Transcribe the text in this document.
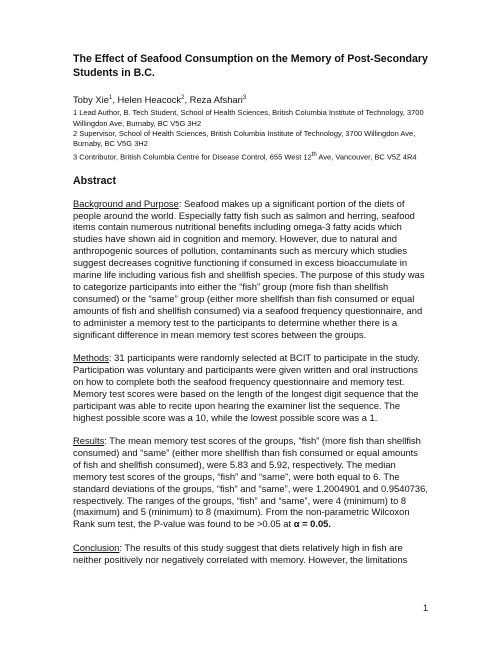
The Effect of Seafood Consumption on the Memory of Post-Secondary Students in B.C.
Toby Xie$^1$, Helen Heacock$^2$, Reza Afshari$^3$
1 Lead Author, B. Tech Student, School of Health Sciences, British Columbia Institute of Technology, 3700 Willingdon Ave, Burnaby, BC V5G 3H2
2 Supervisor, School of Health Sciences, British Columbia Institute of Technology, 3700 Willingdon Ave, Burnaby, BC V5G 3H2
3 Contributor, British Columbia Centre for Disease Control, 655 West 12th Ave, Vancouver, BC V5Z 4R4
Abstract

Background and Purpose: Seafood makes up a significant portion of the diets of people around the world. Especially fatty fish such as salmon and herring, seafood items contain numerous nutritional benefits including omega-3 fatty acids which studies have shown aid in cognition and memory. However, due to natural and anthropogenic sources of pollution, contaminants such as mercury which studies suggest decreases cognitive functioning if consumed in excess bioaccumulate in marine life including various fish and shellfish species. The purpose of this study was to categorize participants into either the “fish” group (more fish than shellfish consumed) or the “same” group (either more shellfish than fish consumed or equal amounts of fish and shellfish consumed) via a seafood frequency questionnaire, and to administer a memory test to the participants to determine whether there is a significant difference in mean memory test scores between the groups.

Methods: 31 participants were randomly selected at BCIT to participate in the study. Participation was voluntary and participants were given written and oral instructions on how to complete both the seafood frequency questionnaire and memory test. Memory test scores were based on the length of the longest digit sequence that the participant was able to recite upon hearing the examiner list the sequence. The highest possible score was a 10, while the lowest possible score was a 1.

Results: The mean memory test scores of the groups, “fish” (more fish than shellfish consumed) and “same” (either more shellfish than fish consumed or equal amounts of fish and shellfish consumed), were 5.83 and 5.92, respectively. The median memory test scores of the groups, “fish” and “same”, were both equal to 6. The standard deviations of the groups, “fish” and “same”, were 1.2004901 and 0.9540736, respectively. The ranges of the groups, “fish” and “same”, were 4 (minimum) to 8 (maximum) and 5 (minimum) to 8 (maximum). From the non-parametric Wilcoxon Rank sum test, the P-value was found to be >0.05 at α = 0.05.

Conclusion: The results of this study suggest that diets relatively high in fish are neither positively nor negatively correlated with memory. However, the limitations

1
